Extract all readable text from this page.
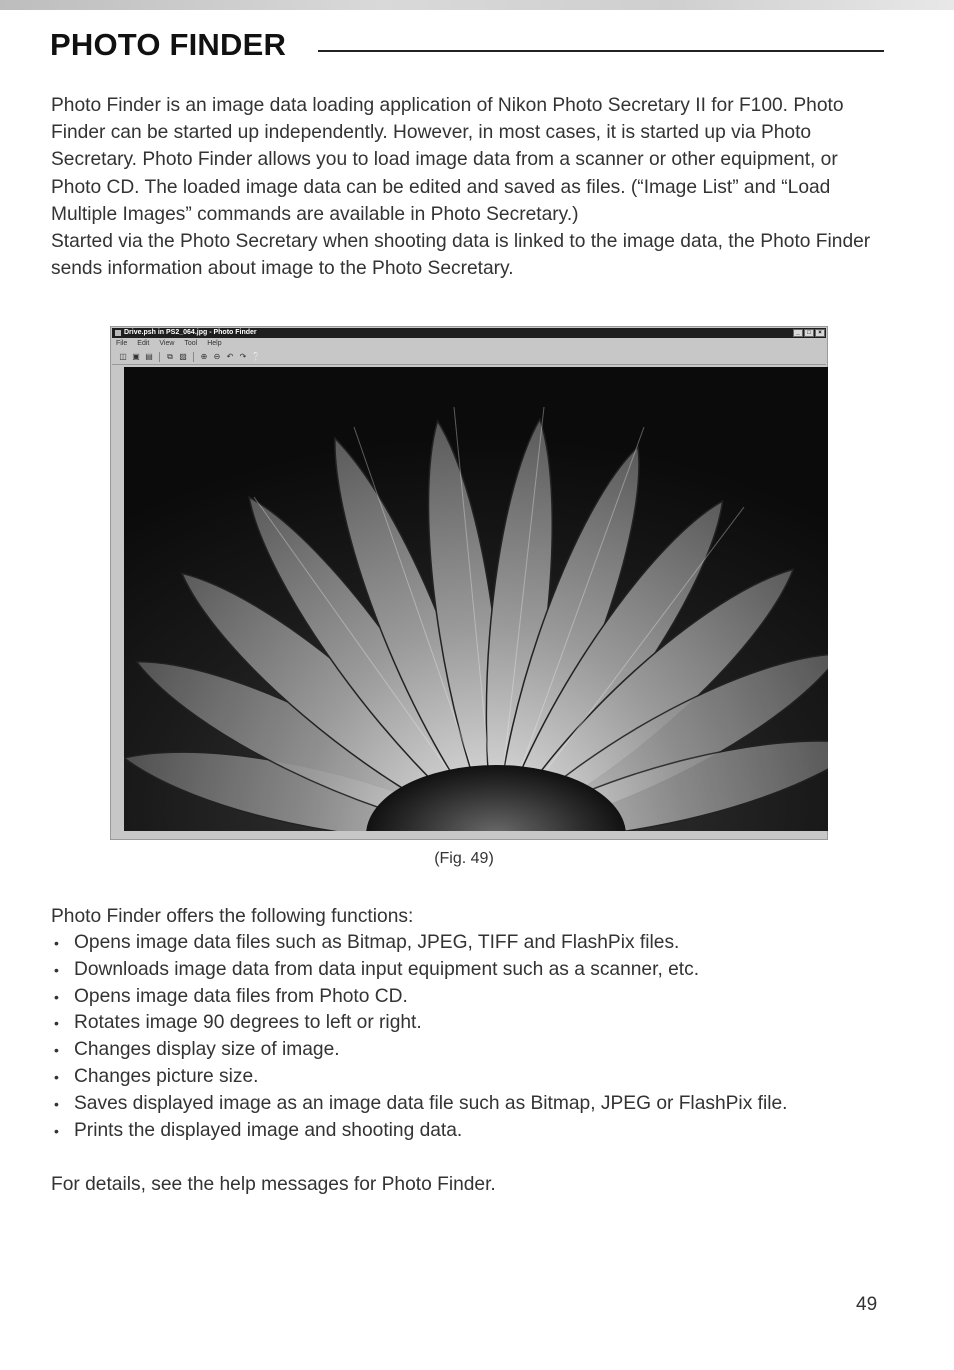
PHOTO FINDER

Photo Finder is an image data loading application of Nikon Photo Secretary II for F100. Photo Finder can be started up independently. However, in most cases, it is started up via Photo Secretary. Photo Finder allows you to load image data from a scanner or other equipment, or Photo CD. The loaded image data can be edited and saved as files. (“Image List” and “Load Multiple Images” commands are available in Photo Secretary.)

Started via the Photo Secretary when shooting data is linked to the image data, the Photo Finder sends information about image to the Photo Secretary.

Drive.psh in PS2_064.jpg - Photo Finder	_	□	×
File Edit View Tool Help
◫ ▣ ▤ ⧉ ▨ ⊕ ⊖ ↶ ↷ ❔
(Fig. 49)
Photo Finder offers the following functions:
• Opens image data files such as Bitmap, JPEG, TIFF and FlashPix files.
• Downloads image data from data input equipment such as a scanner, etc.
• Opens image data files from Photo CD.
• Rotates image 90 degrees to left or right.
• Changes display size of image.
• Changes picture size.
• Saves displayed image as an image data file such as Bitmap, JPEG or FlashPix file.
• Prints the displayed image and shooting data.
For details, see the help messages for Photo Finder.
49
